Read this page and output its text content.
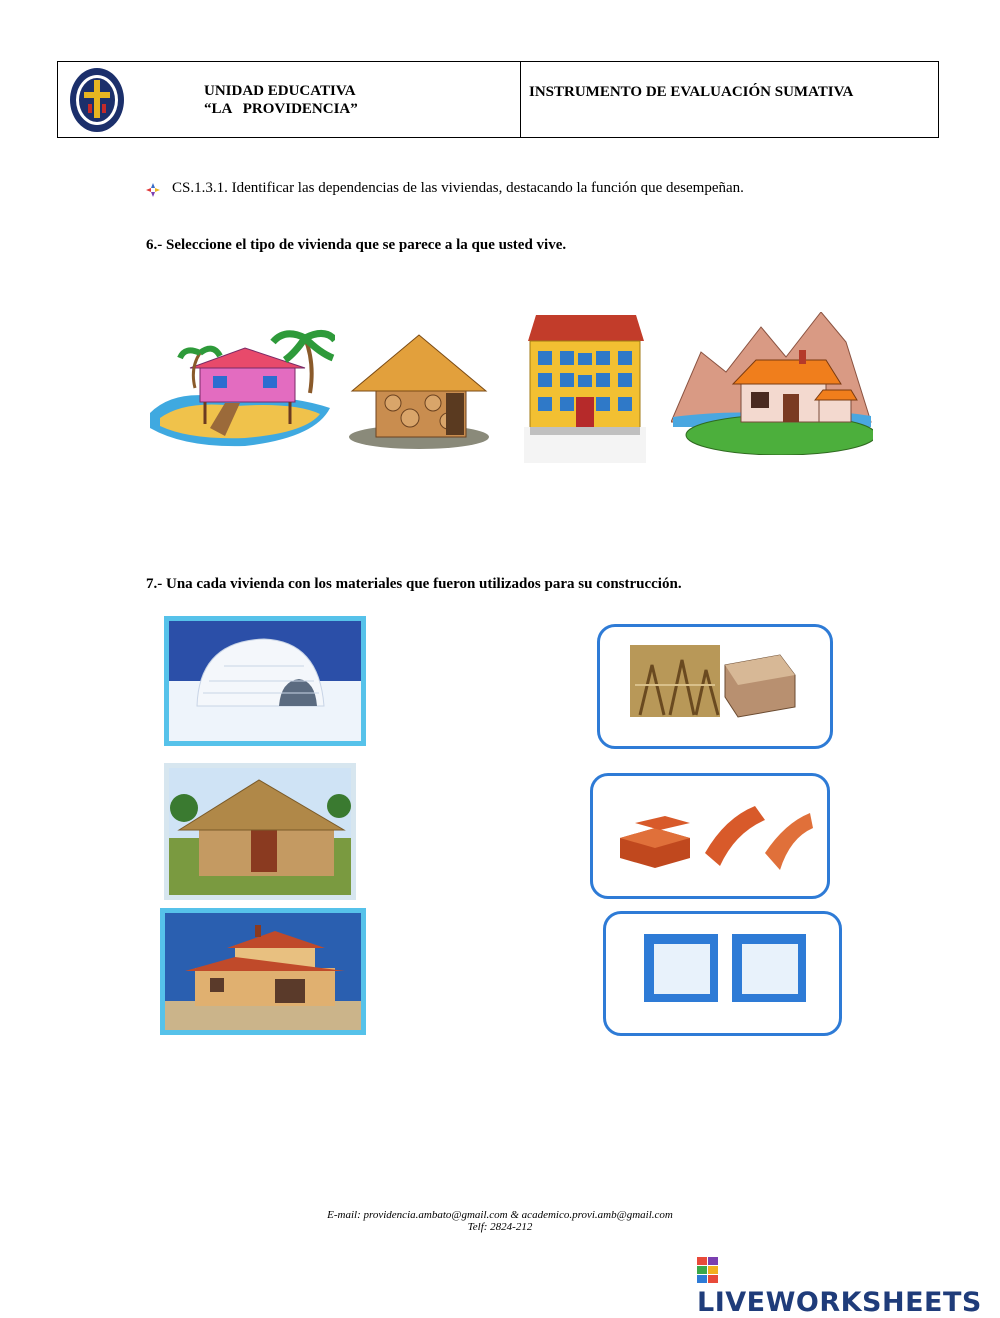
UNIDAD EDUCATIVA
“LA   PROVIDENCIA”
INSTRUMENTO DE EVALUACIÓN SUMATIVA
CS.1.3.1. Identificar las dependencias de las viviendas, destacando la función que desempeñan.
6.- Seleccione el tipo de vivienda que se parece a la que usted vive.
7.- Una cada vivienda con los materiales que fueron utilizados para su construcción.
E-mail: providencia.ambato@gmail.com & academico.provi.amb@gmail.com
Telf: 2824-212
LIVEWORKSHEETS
